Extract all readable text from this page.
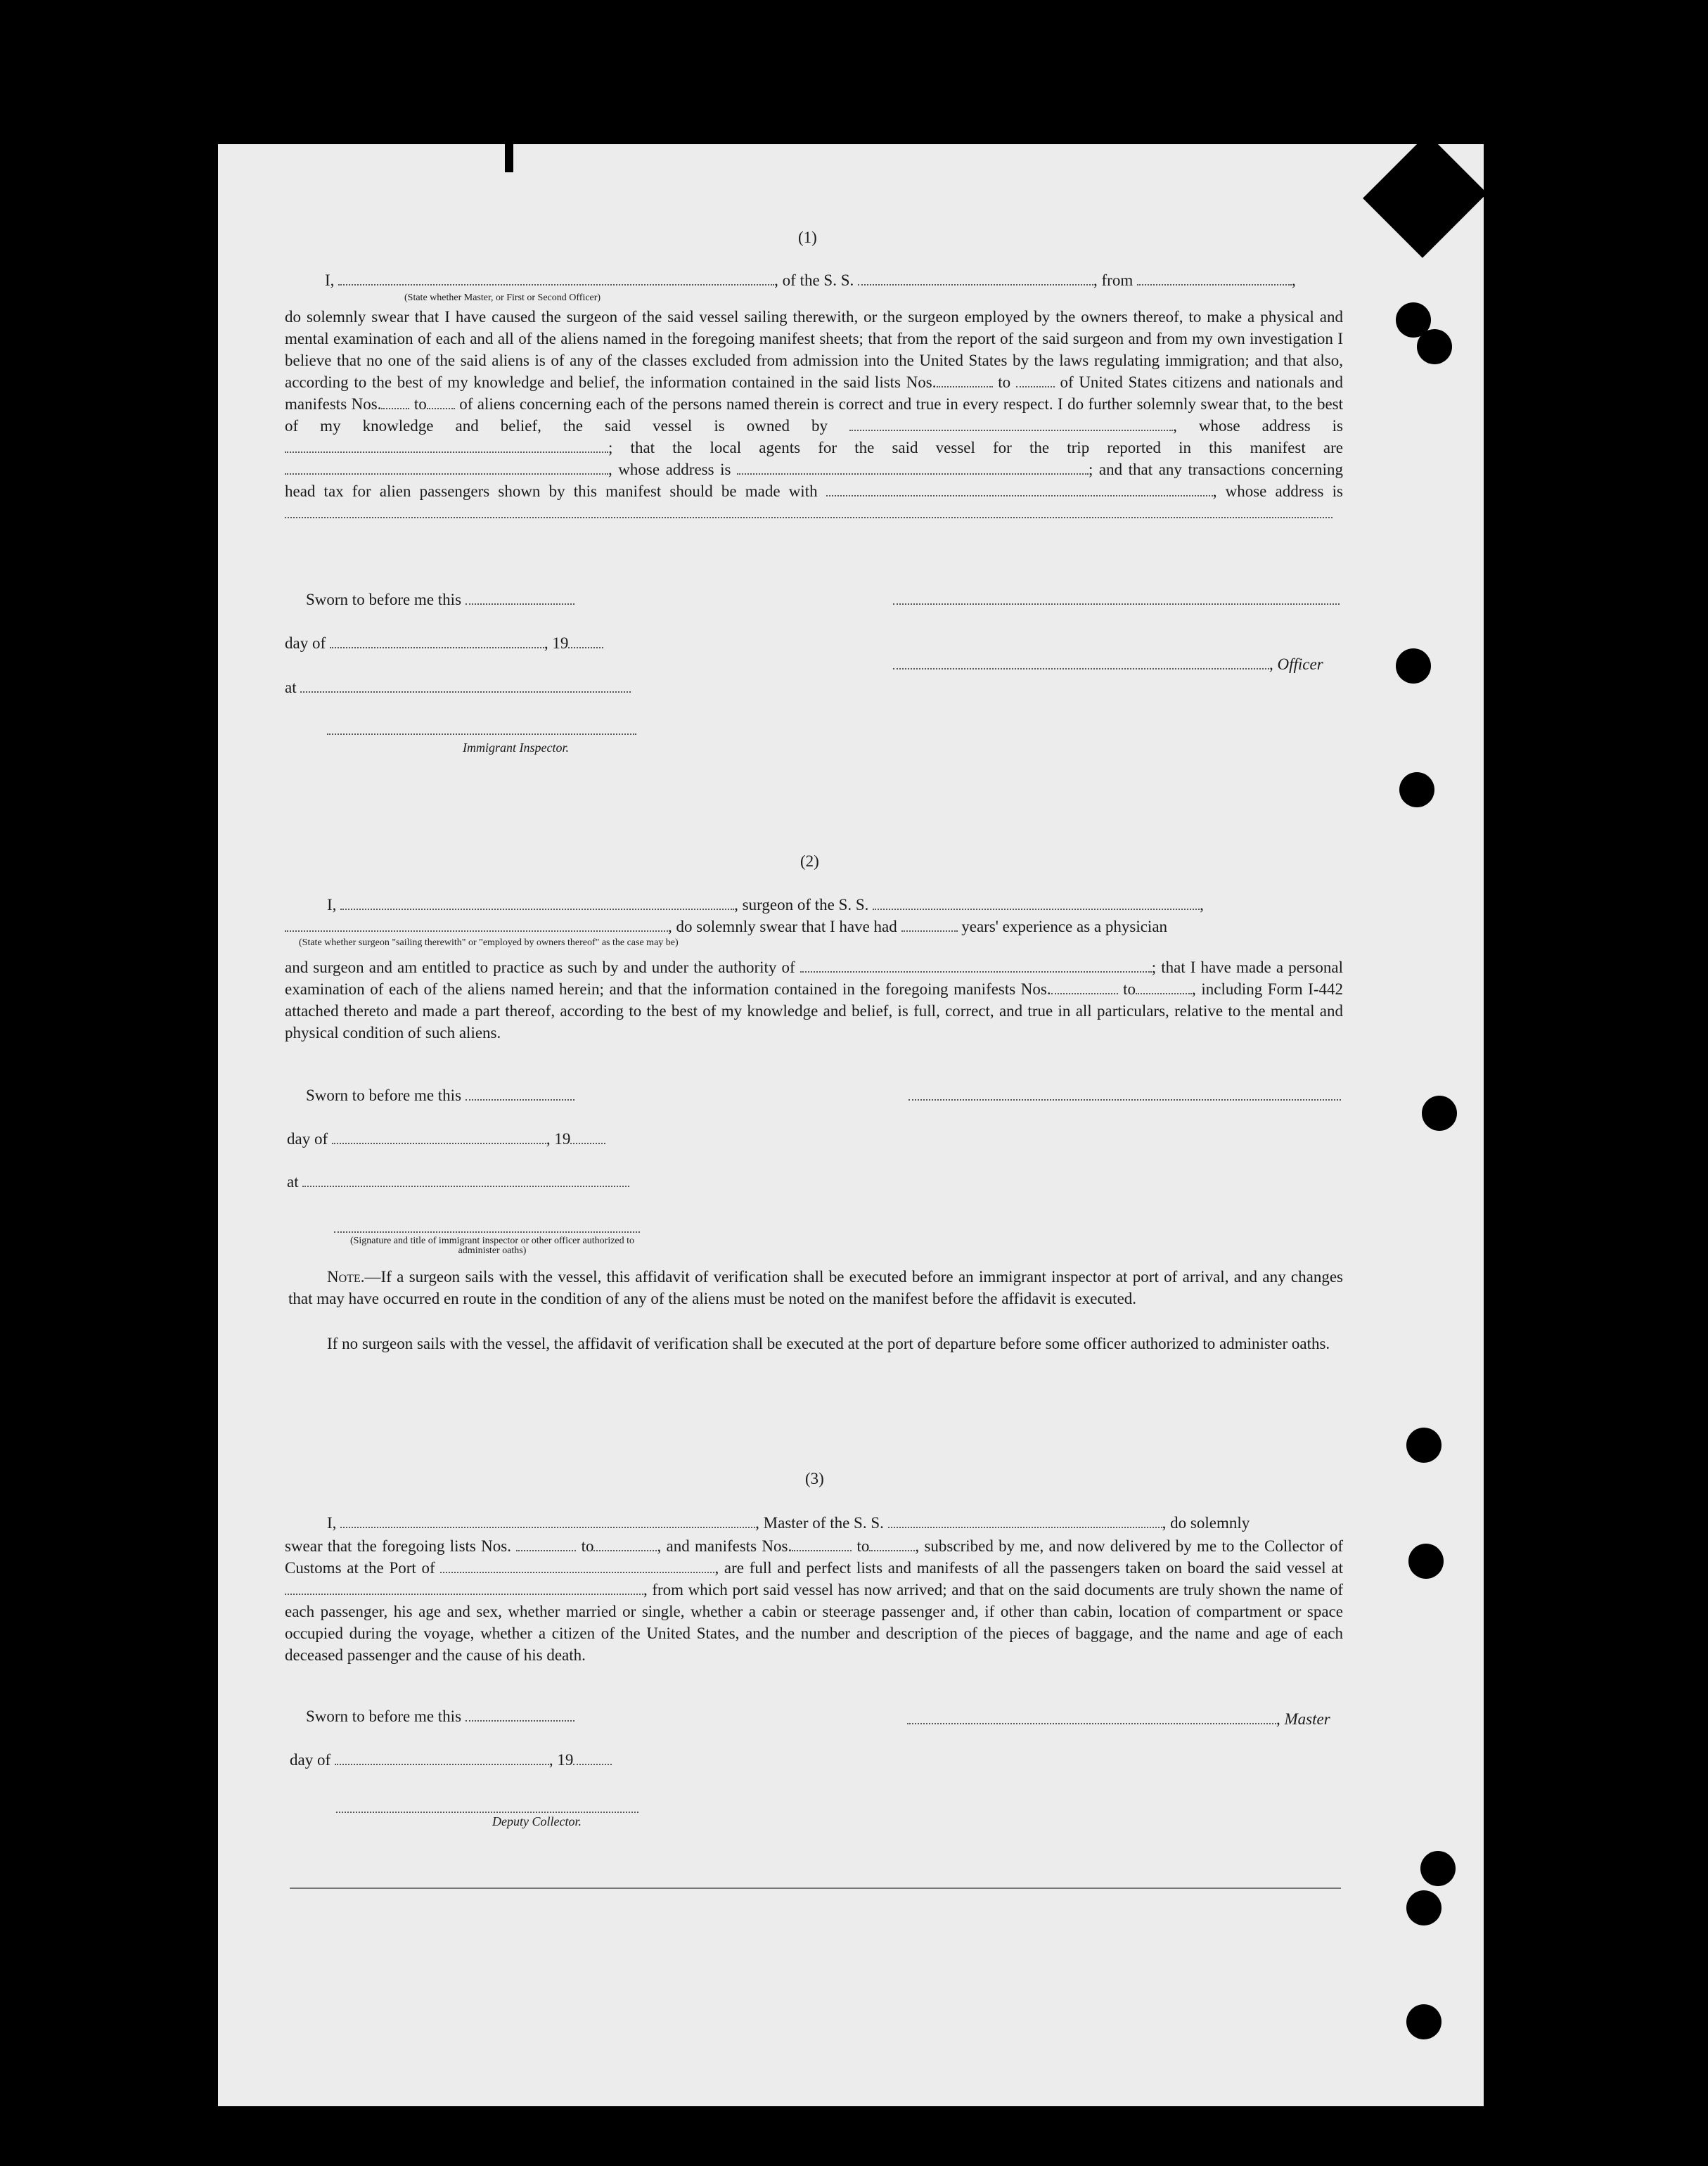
(1)
I,	, of the S. S.	, from	,
(State whether Master, or First or Second Officer)
do solemnly swear that I have caused the surgeon of the said vessel sailing therewith, or the surgeon employed by the owners thereof, to make a physical and mental examination of each and all of the aliens named in the foregoing manifest sheets; that from the report of the said surgeon and from my own investigation I believe that no one of the said aliens is of any of the classes excluded from admission into the United States by the laws regulating immigration; and that also, according to the best of my knowledge and belief, the information contained in the said lists Nos.	to	of United States citizens and nationals and manifests Nos. to of aliens concerning each of the persons named therein is correct and true in every respect. I do further solemnly swear that, to the best of my knowledge and belief, the said vessel is owned by	, whose address is ; that the local agents for the said vessel for the trip reported in this manifest are , whose address is	; and that any transactions concerning head tax for alien passengers shown by this manifest should be made with	, whose address is
Sworn to before me this
day of	, 19
, Officer
at
Immigrant Inspector.
(2)
I,	, surgeon of the S. S.	,
, do solemnly swear that I have had	years' experience as a physician
(State whether surgeon "sailing therewith" or "employed by owners thereof" as the case may be)
and surgeon and am entitled to practice as such by and under the authority of	; that I have made a personal examination of each of the aliens named herein; and that the information contained in the foregoing manifests Nos.	to	, including Form I-442 attached thereto and made a part thereof, according to the best of my knowledge and belief, is full, correct, and true in all particulars, relative to the mental and physical condition of such aliens.
Sworn to before me this
day of	, 19
at
(Signature and title of immigrant inspector or other officer authorized to administer oaths)
Note.—If a surgeon sails with the vessel, this affidavit of verification shall be executed before an immigrant inspector at port of arrival, and any changes that may have occurred en route in the condition of any of the aliens must be noted on the manifest before the affidavit is executed.
If no surgeon sails with the vessel, the affidavit of verification shall be executed at the port of departure before some officer authorized to administer oaths.
(3)
I,	, Master of the S. S.	, do solemnly
swear that the foregoing lists Nos.	to	, and manifests Nos.	to	, subscribed by me, and now delivered by me to the Collector of Customs at the Port of	, are full and perfect lists and manifests of all the passengers taken on board the said vessel at , from which port said vessel has now arrived; and that on the said documents are truly shown the name of each passenger, his age and sex, whether married or single, whether a cabin or steerage passenger and, if other than cabin, location of compartment or space occupied during the voyage, whether a citizen of the United States, and the number and description of the pieces of baggage, and the name and age of each deceased passenger and the cause of his death.
Sworn to before me this	, Master
day of	, 19
Deputy Collector.
